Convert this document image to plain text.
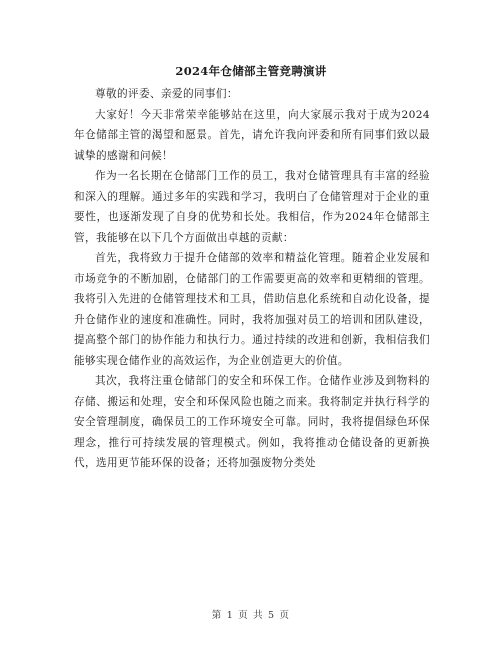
2024年仓储部主管竞聘演讲

尊敬的评委、亲爱的同事们：

大家好！今天非常荣幸能够站在这里，向大家展示我对于成为2024年仓储部主管的渴望和愿景。首先，请允许我向评委和所有同事们致以最诚挚的感谢和问候！

作为一名长期在仓储部门工作的员工，我对仓储管理具有丰富的经验和深入的理解。通过多年的实践和学习，我明白了仓储管理对于企业的重要性，也逐渐发现了自身的优势和长处。我相信，作为2024年仓储部主管，我能够在以下几个方面做出卓越的贡献：

首先，我将致力于提升仓储部的效率和精益化管理。随着企业发展和市场竞争的不断加剧，仓储部门的工作需要更高的效率和更精细的管理。我将引入先进的仓储管理技术和工具，借助信息化系统和自动化设备，提升仓储作业的速度和准确性。同时，我将加强对员工的培训和团队建设，提高整个部门的协作能力和执行力。通过持续的改进和创新，我相信我们能够实现仓储作业的高效运作，为企业创造更大的价值。

其次，我将注重仓储部门的安全和环保工作。仓储作业涉及到物料的存储、搬运和处理，安全和环保风险也随之而来。我将制定并执行科学的安全管理制度，确保员工的工作环境安全可靠。同时，我将提倡绿色环保理念，推行可持续发展的管理模式。例如，我将推动仓储设备的更新换代，选用更节能环保的设备；还将加强废物分类处

第 1 页 共 5 页
